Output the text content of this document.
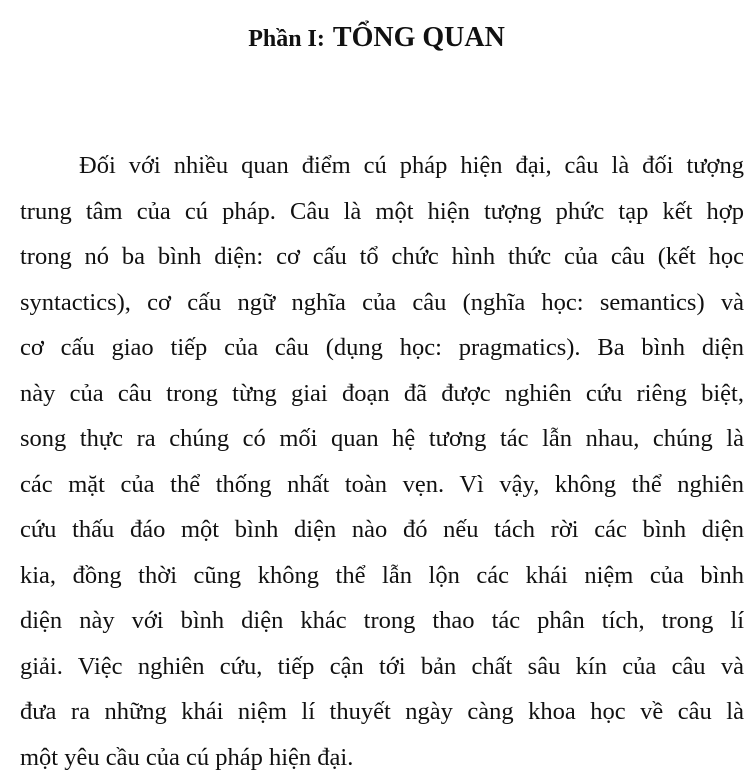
Phần I: TỔNG QUAN
Đối với nhiều quan điểm cú pháp hiện đại, câu là đối tượng
trung tâm của cú pháp. Câu là một hiện tượng phức tạp kết hợp
trong nó ba bình diện: cơ cấu tổ chức hình thức của câu (kết học
syntactics), cơ cấu ngữ nghĩa của câu (nghĩa học: semantics) và
cơ cấu giao tiếp của câu (dụng học: pragmatics). Ba bình diện
này của câu trong từng giai đoạn đã được nghiên cứu riêng biệt,
song thực ra chúng có mối quan hệ tương tác lẫn nhau, chúng là
các mặt của thể thống nhất toàn vẹn. Vì vậy, không thể nghiên
cứu thấu đáo một bình diện nào đó nếu tách rời các bình diện
kia, đồng thời cũng không thể lẫn lộn các khái niệm của bình
diện này với bình diện khác trong thao tác phân tích, trong lí
giải. Việc nghiên cứu, tiếp cận tới bản chất sâu kín của câu và
đưa ra những khái niệm lí thuyết ngày càng khoa học về câu là
một yêu cầu của cú pháp hiện đại.
